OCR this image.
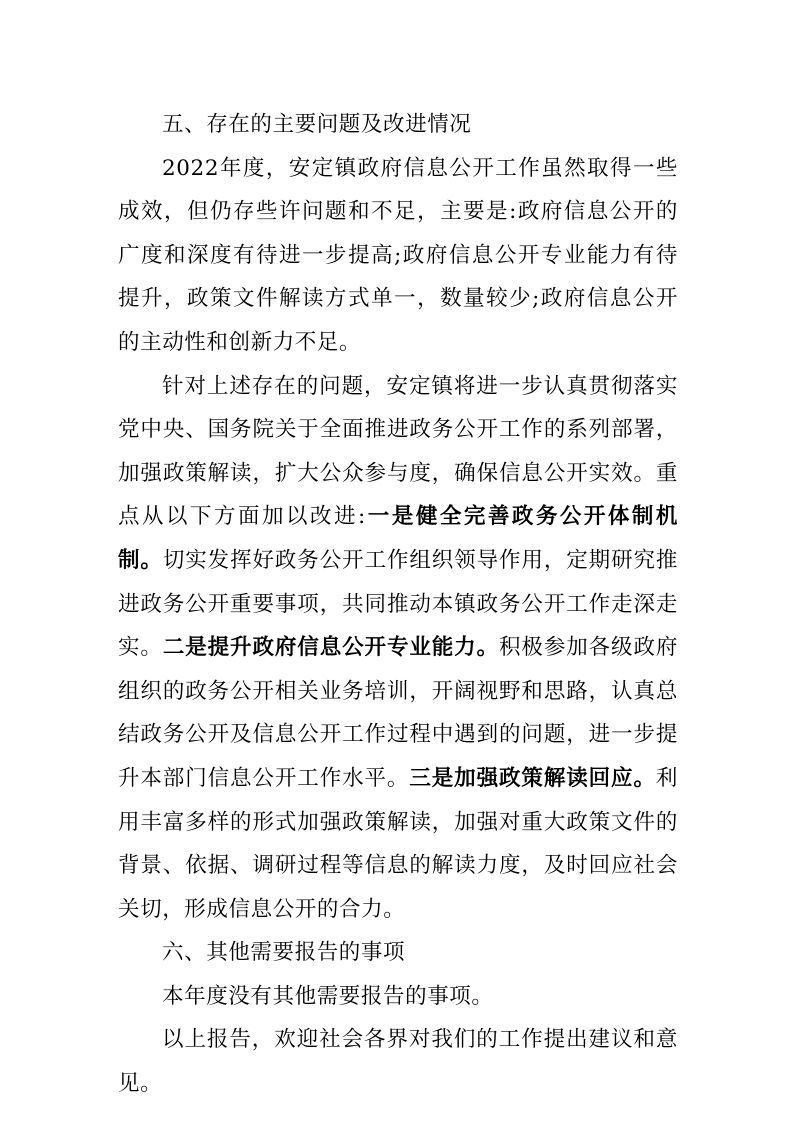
五、存在的主要问题及改进情况

2022年度，安定镇政府信息公开工作虽然取得一些成效，但仍存些许问题和不足，主要是:政府信息公开的广度和深度有待进一步提高;政府信息公开专业能力有待提升，政策文件解读方式单一，数量较少;政府信息公开的主动性和创新力不足。

针对上述存在的问题，安定镇将进一步认真贯彻落实党中央、国务院关于全面推进政务公开工作的系列部署，加强政策解读，扩大公众参与度，确保信息公开实效。重点从以下方面加以改进:一是健全完善政务公开体制机制。切实发挥好政务公开工作组织领导作用，定期研究推进政务公开重要事项，共同推动本镇政务公开工作走深走实。二是提升政府信息公开专业能力。积极参加各级政府组织的政务公开相关业务培训，开阔视野和思路，认真总结政务公开及信息公开工作过程中遇到的问题，进一步提升本部门信息公开工作水平。三是加强政策解读回应。利用丰富多样的形式加强政策解读，加强对重大政策文件的背景、依据、调研过程等信息的解读力度，及时回应社会关切，形成信息公开的合力。

六、其他需要报告的事项

本年度没有其他需要报告的事项。

以上报告，欢迎社会各界对我们的工作提出建议和意见。
